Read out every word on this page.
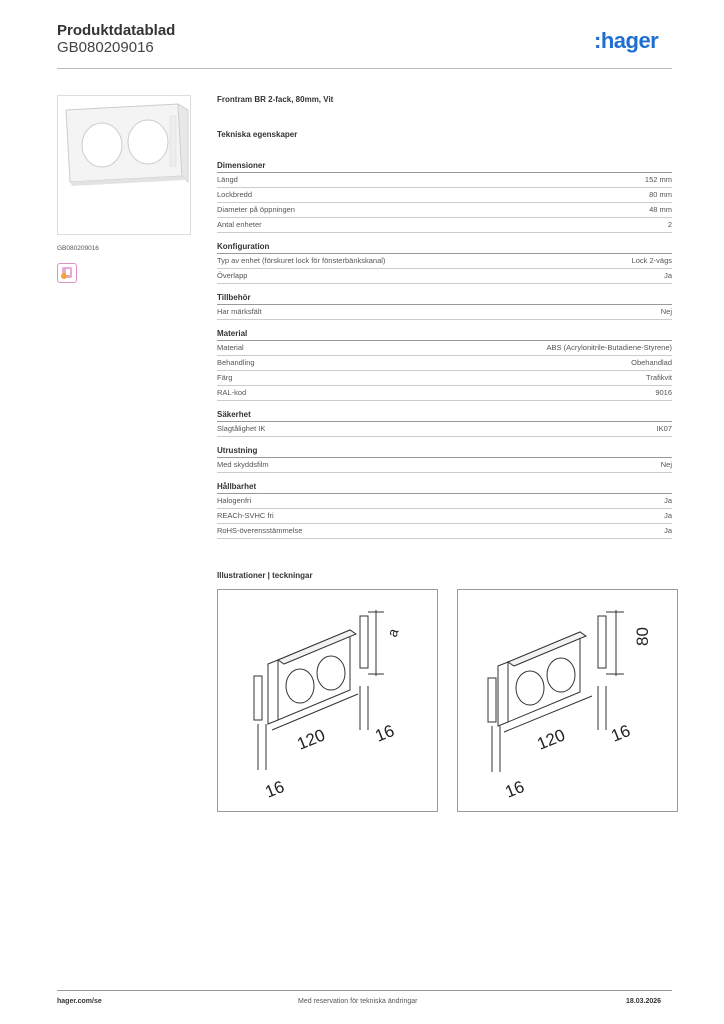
Produktdatablad
GB080209016	:hager
GB080209016
Frontram BR 2-fack, 80mm, Vit
Tekniska egenskaper
Dimensioner
Längd	152 mm
Lockbredd	80 mm
Diameter på öppningen	48 mm
Antal enheter	2
Konfiguration
Typ av enhet (förskuret lock för fönsterbänkskanal)	Lock 2-vägs
Överlapp	Ja
Tillbehör
Har märksfält	Nej
Material
Material	ABS (Acrylonitrile-Butadiene-Styrene)
Behandling	Obehandlad
Färg	Trafikvit
RAL-kod	9016
Säkerhet
Slagtålighet IK	IK07
Utrustning
Med skyddsfilm	Nej
Hållbarhet
Halogenfri	Ja
REACh-SVHC fri	Ja
RoHS-överensstämmelse	Ja
Illustrationer | teckningar
a
120	16
16
80
120 16
16
hager.com/se	Med reservation för tekniska ändringar	18.03.2026
